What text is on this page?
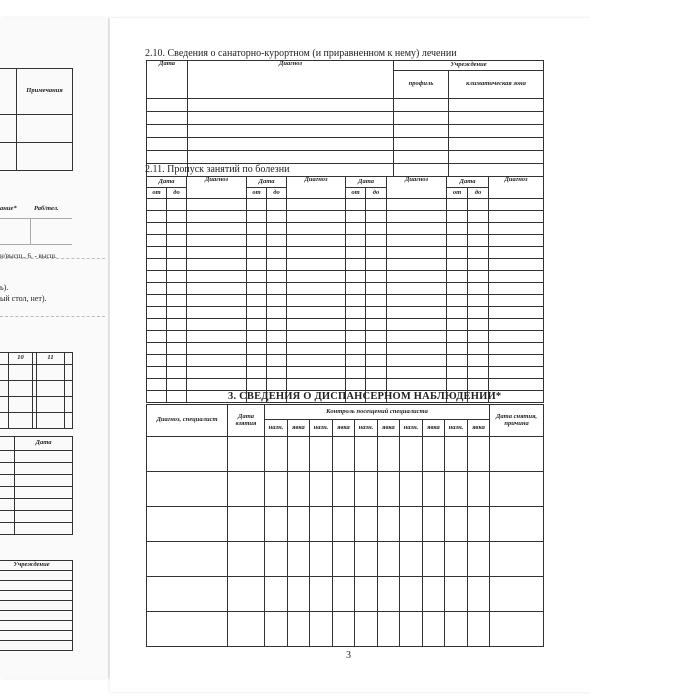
	Примечания

ание*	Раб/тел.
н/высш., 6. - высш.
ь).
ый стол, нет).
	10		11	

	Дата

Учреждение

2.10. Сведения о санаторно-курортном (и приравненном к нему) лечении
Дата	Диагноз	Учреждение	
		профиль	климатическая зона

2.11. Пропуск занятий по болезни
Дата		Диагноз	Дата		Диагноз	Дата		Диагноз	Дата		Диагноз
от	до		от	до		от	до		от	до	

3. СВЕДЕНИЯ О ДИСПАНСЕРНОМ НАБЛЮДЕНИИ*
Диагноз, специалист	Дата взятия	Контроль посещений специалиста										Дата снятия, причина
		назн.	явка	назн.	явка	назн.	явка	назн.	явка	назн.	явка	

3
